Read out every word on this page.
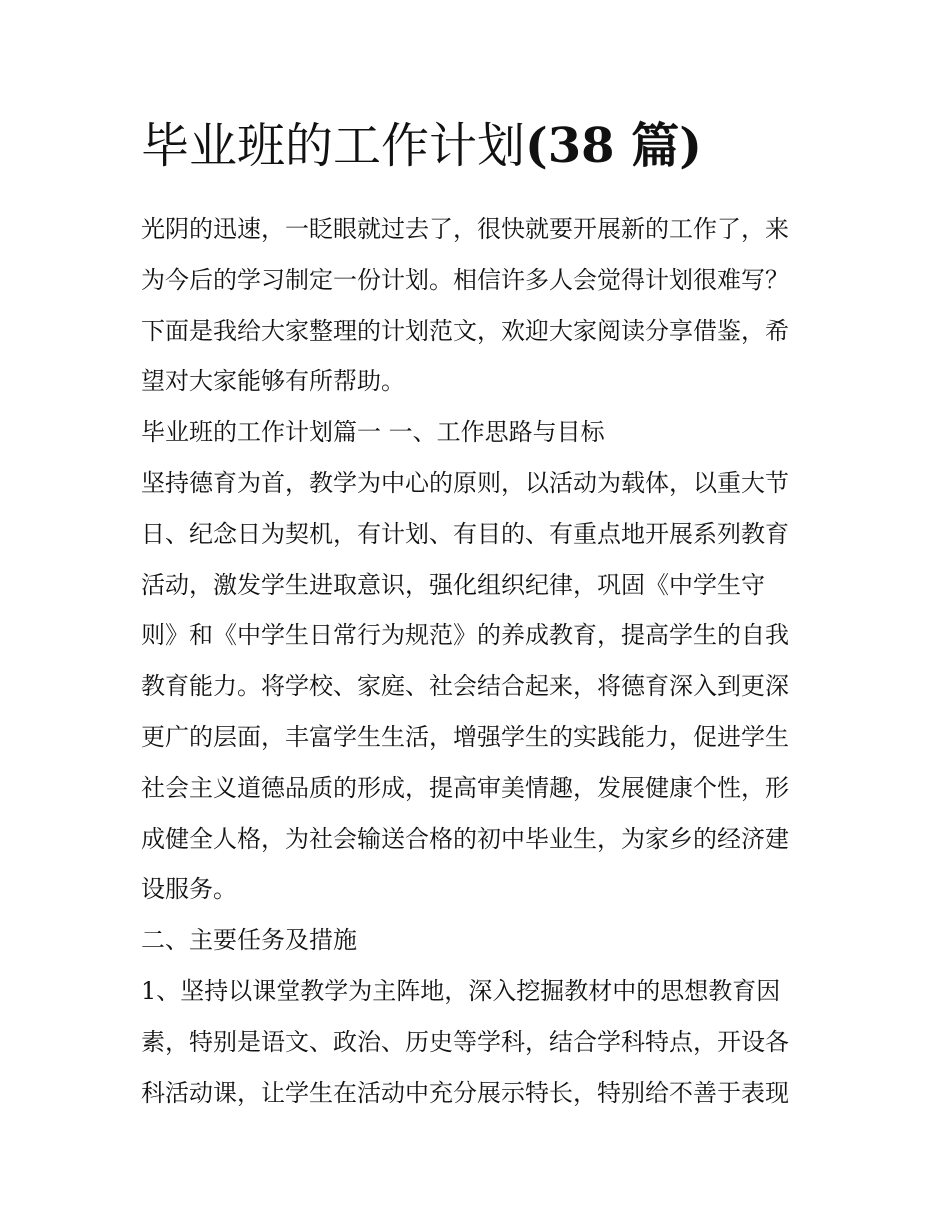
毕业班的工作计划(38 篇)
光阴的迅速，一眨眼就过去了，很快就要开展新的工作了，来
为今后的学习制定一份计划。相信许多人会觉得计划很难写？
下面是我给大家整理的计划范文，欢迎大家阅读分享借鉴，希
望对大家能够有所帮助。
毕业班的工作计划篇一 一、工作思路与目标
坚持德育为首，教学为中心的原则，以活动为载体，以重大节
日、纪念日为契机，有计划、有目的、有重点地开展系列教育
活动，激发学生进取意识，强化组织纪律，巩固《中学生守
则》和《中学生日常行为规范》的养成教育，提高学生的自我
教育能力。将学校、家庭、社会结合起来，将德育深入到更深
更广的层面，丰富学生生活，增强学生的实践能力，促进学生
社会主义道德品质的形成，提高审美情趣，发展健康个性，形
成健全人格，为社会输送合格的初中毕业生，为家乡的经济建
设服务。
二、主要任务及措施
1、坚持以课堂教学为主阵地，深入挖掘教材中的思想教育因
素，特别是语文、政治、历史等学科，结合学科特点，开设各
科活动课，让学生在活动中充分展示特长，特别给不善于表现
